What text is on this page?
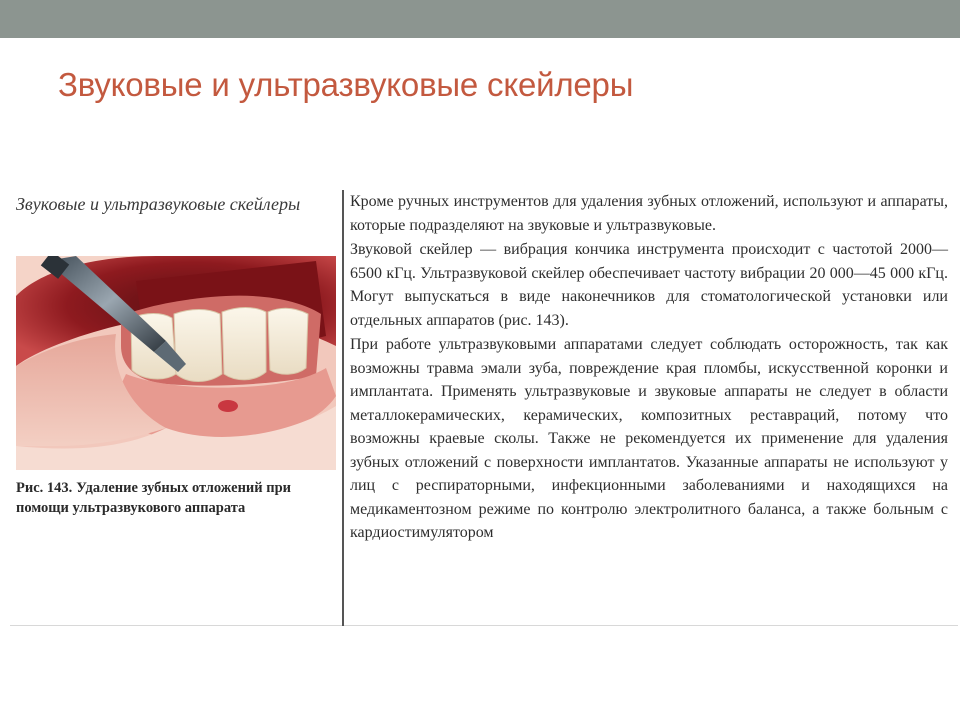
Звуковые и ультразвуковые скейлеры
Звуковые и ультразвуковые скейлеры
Рис. 143. Удаление зубных отложений при помощи ультразвукового аппарата

Кроме ручных инструментов для удаления зубных отложений, используют и аппараты, которые подразделяют на звуковые и ультразвуковые.

Звуковой скейлер — вибрация кончика инструмента происходит с частотой 2000—6500 кГц. Ультразвуковой скейлер обеспечивает частоту вибрации 20 000—45 000 кГц. Могут выпускаться в виде наконечников для стоматологической установки или отдельных аппаратов (рис. 143).

При работе ультразвуковыми аппаратами следует соблюдать осторожность, так как возможны травма эмали зуба, повреждение края пломбы, искусственной коронки и имплантата. Применять ультразвуковые и звуковые аппараты не следует в области металлокерамических, керамических, композитных реставраций, потому что возможны краевые сколы. Также не рекомендуется их применение для удаления зубных отложений с поверхности имплантатов. Указанные аппараты не используют у лиц с респираторными, инфекционными заболеваниями и находящихся на медикаментозном режиме по контролю электролитного баланса, а также больным с кардиостимулятором
